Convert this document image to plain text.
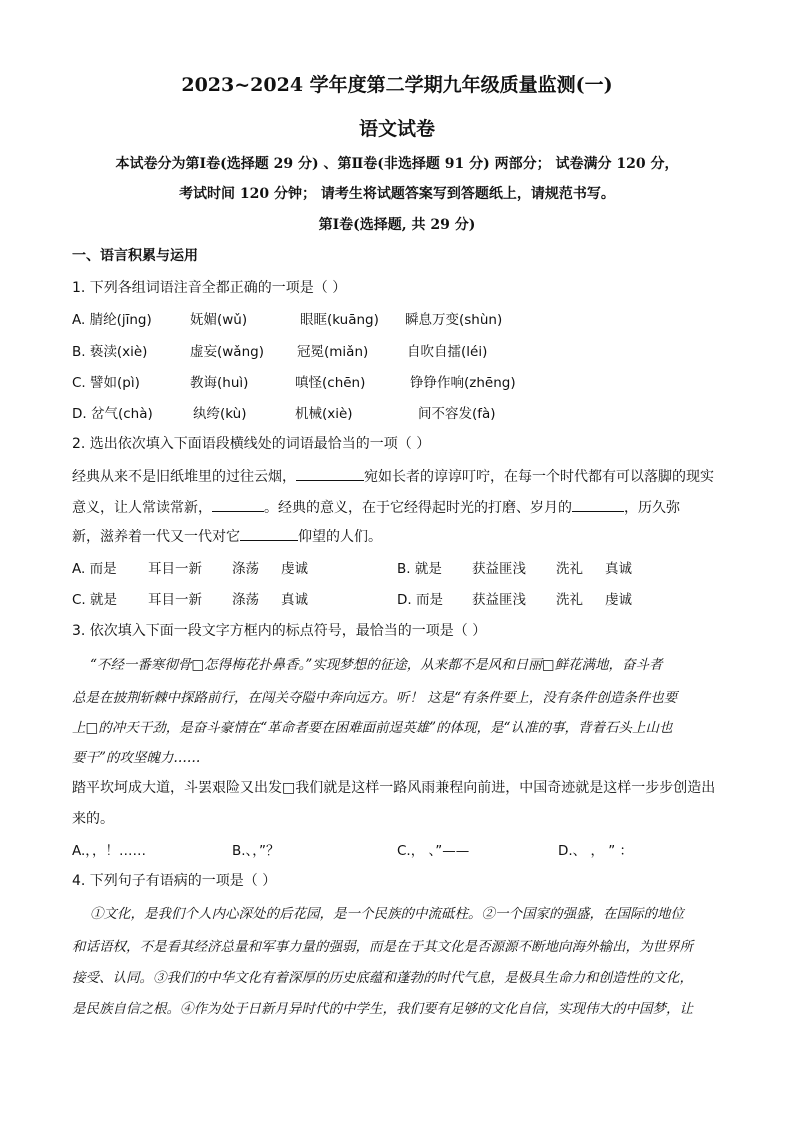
2023~2024 学年度第二学期九年级质量监测(一)
语文试卷
本试卷分为第Ⅰ卷(选择题 29 分) 、第Ⅱ卷(非选择题 91 分) 两部分； 试卷满分 120 分，
考试时间 120 分钟； 请考生将试题答案写到答题纸上，请规范书写。
第Ⅰ卷(选择题, 共 29 分)
一、语言积累与运用
1. 下列各组词语注音全都正确的一项是（ ）
A. 腈纶(jīng)	妩媚(wǔ)	眼眶(kuāng) 瞬息万变(shùn)
B. 亵渎(xiè)	虚妄(wǎng) 冠冕(miǎn)	自吹自擂(léi)
C. 譬如(pì)	教诲(huì)	嗔怪(chēn)	铮铮作响(zhēng)
D. 岔气(chà)	纨绔(kù)	机械(xiè)	间不容发(fà)
2. 选出依次填入下面语段横线处的词语最恰当的一项（ ）
经典从来不是旧纸堆里的过往云烟，	宛如长者的谆谆叮咛，在每一个时代都有可以落脚的现实
意义，让人常读常新，	。经典的意义，在于它经得起时光的打磨、岁月的	，历久弥
新，滋养着一代又一代对它	仰望的人们。
A. 而是 耳目一新 涤荡 虔诚	B. 就是 获益匪浅 洗礼 真诚
C. 就是 耳目一新 涤荡 真诚	D. 而是 获益匪浅 洗礼 虔诚
3. 依次填入下面一段文字方框内的标点符号，最恰当的一项是（ ）
“不经一番寒彻骨□怎得梅花扑鼻香。”实现梦想的征途，从来都不是风和日丽□鲜花满地，奋斗者
总是在披荆斩棘中探路前行，在闯关夺隘中奔向远方。听！ 这是“有条件要上，没有条件创造条件也要
上□的冲天干劲，是奋斗豪情在“革命者要在困难面前逞英雄”的体现，是“认准的事，背着石头上山也
要干”的攻坚魄力……
踏平坎坷成大道，斗罢艰险又出发□我们就是这样一路风雨兼程向前进，中国奇迹就是这样一步步创造出
来的。
A.，，！……	B.、，”？	C.， 、”——	D.、 ， ” ：
4. 下列句子有语病的一项是（ ）
①文化，是我们个人内心深处的后花园，是一个民族的中流砥柱。②一个国家的强盛，在国际的地位
和话语权，不是看其经济总量和军事力量的强弱，而是在于其文化是否源源不断地向海外输出，为世界所
接受、认同。③我们的中华文化有着深厚的历史底蕴和蓬勃的时代气息，是极具生命力和创造性的文化，
是民族自信之根。④作为处于日新月异时代的中学生，我们要有足够的文化自信，实现伟大的中国梦，让
